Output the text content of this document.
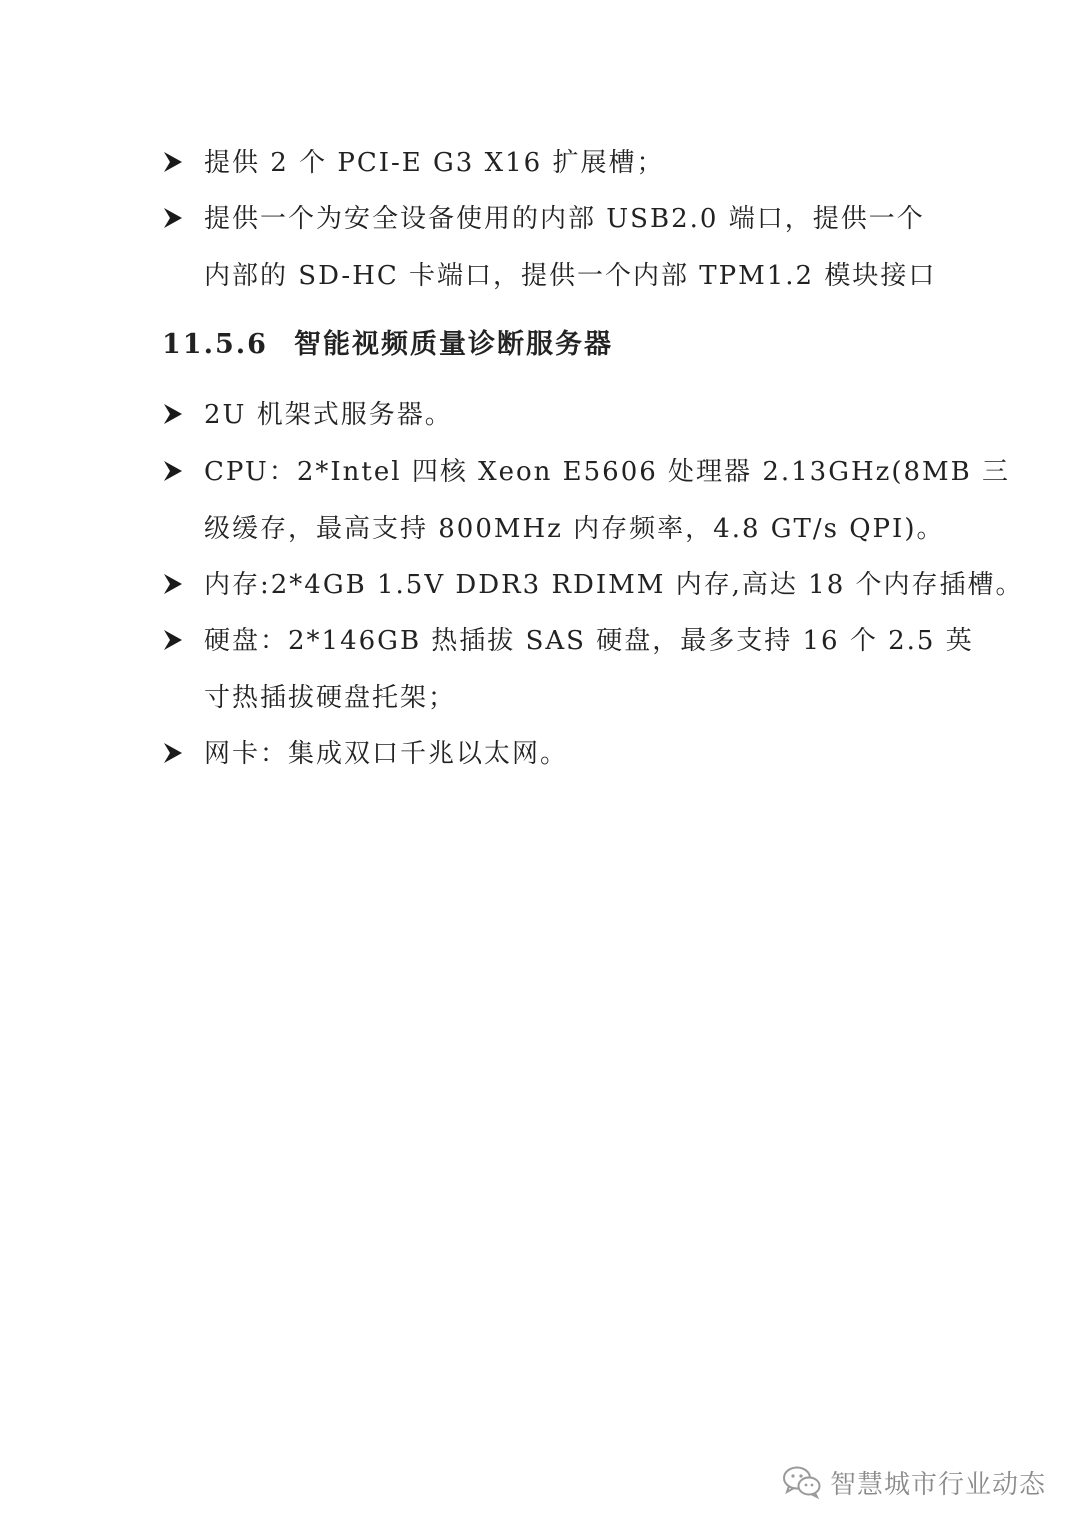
提供 2 个 PCI-E G3 X16 扩展槽；
提供一个为安全设备使用的内部 USB2.0 端口，提供一个
内部的 SD-HC 卡端口，提供一个内部 TPM1.2 模块接口
11.5.6 智能视频质量诊断服务器
2U 机架式服务器。
CPU：2*Intel 四核 Xeon E5606 处理器 2.13GHz(8MB 三
级缓存，最高支持 800MHz 内存频率，4.8 GT/s QPI)。
内存:2*4GB 1.5V DDR3 RDIMM 内存,高达 18 个内存插槽。
硬盘：2*146GB 热插拔 SAS 硬盘，最多支持 16 个 2.5 英
寸热插拔硬盘托架；
网卡：集成双口千兆以太网。
智慧城市行业动态
